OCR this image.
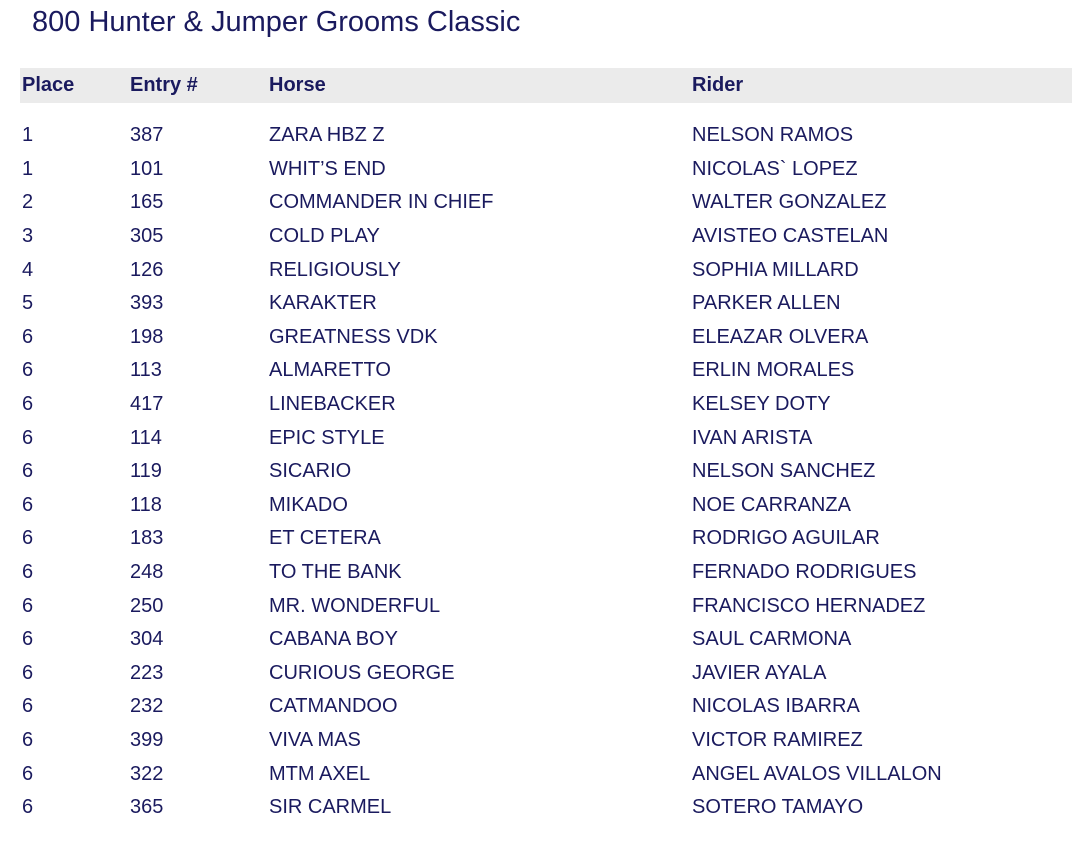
800 Hunter & Jumper Grooms Classic
Place	Entry #	Horse	Rider

1	387	ZARA HBZ Z	NELSON RAMOS
1	101	WHIT’S END	NICOLAS` LOPEZ
2	165	COMMANDER IN CHIEF	WALTER GONZALEZ
3	305	COLD PLAY	AVISTEO CASTELAN
4	126	RELIGIOUSLY	SOPHIA MILLARD
5	393	KARAKTER	PARKER ALLEN
6	198	GREATNESS VDK	ELEAZAR OLVERA
6	113	ALMARETTO	ERLIN MORALES
6	417	LINEBACKER	KELSEY DOTY
6	114	EPIC STYLE	IVAN ARISTA
6	119	SICARIO	NELSON SANCHEZ
6	118	MIKADO	NOE CARRANZA
6	183	ET CETERA	RODRIGO AGUILAR
6	248	TO THE BANK	FERNADO RODRIGUES
6	250	MR. WONDERFUL	FRANCISCO HERNADEZ
6	304	CABANA BOY	SAUL CARMONA
6	223	CURIOUS GEORGE	JAVIER AYALA
6	232	CATMANDOO	NICOLAS IBARRA
6	399	VIVA MAS	VICTOR RAMIREZ
6	322	MTM AXEL	ANGEL AVALOS VILLALON
6	365	SIR CARMEL	SOTERO TAMAYO
